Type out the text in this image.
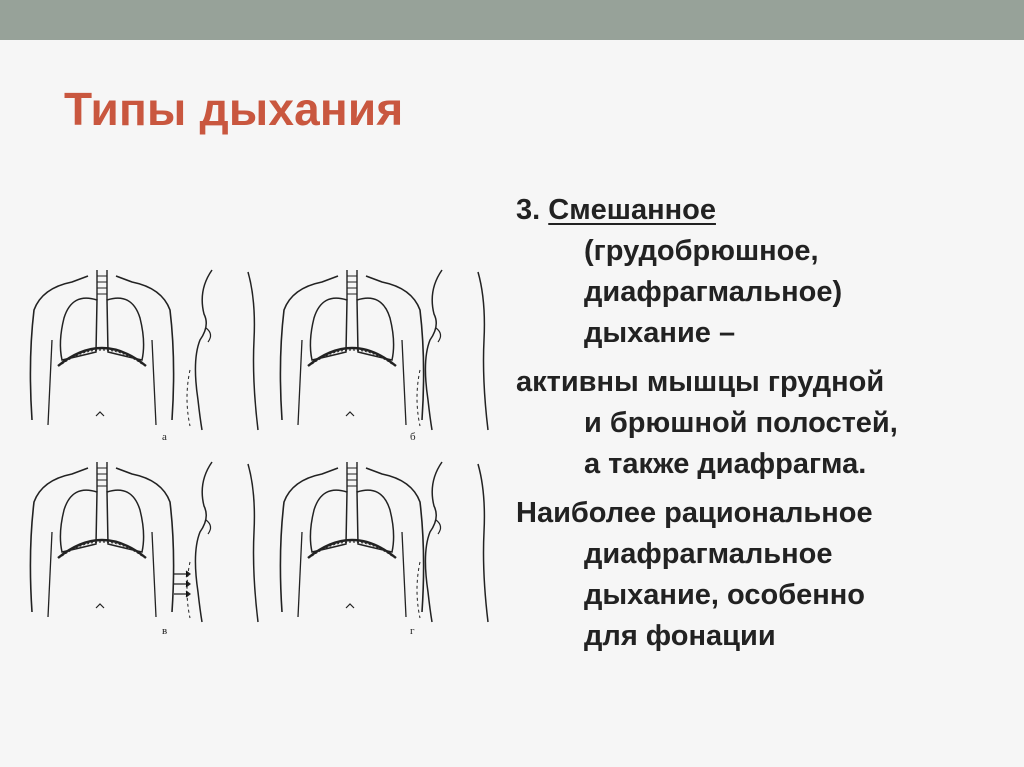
Типы дыхания
а	б
в	г
3. Смешанное
(грудобрюшное,
диафрагмальное)
дыхание –
активны мышцы грудной
и брюшной полостей,
а также диафрагма.
Наиболее рациональное
диафрагмальное
дыхание, особенно
для фонации
